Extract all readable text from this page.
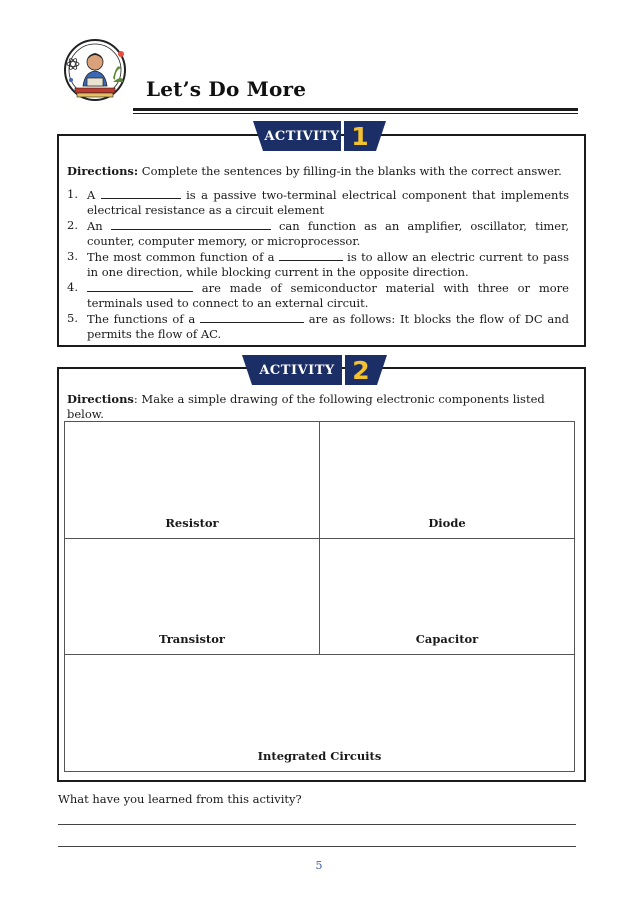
Let’s Do More
ACTIVITY 1
Directions: Complete the sentences by filling-in the blanks with the correct answer.
1. A	is a passive two-terminal electrical component that implements electrical resistance as a circuit element
2. An	can function as an amplifier, oscillator, timer, counter, computer memory, or microprocessor.
3. The most common function of a	is to allow an electric current to pass in one direction, while blocking current in the opposite direction.
4.	are made of semiconductor material with three or more terminals used to connect to an external circuit.
5. The functions of a	are as follows: It blocks the flow of DC and permits the flow of AC.
ACTIVITY 2
Directions: Make a simple drawing of the following electronic components listed below.
Resistor	Diode
Transistor	Capacitor
Integrated Circuits
What have you learned from this activity?
5
